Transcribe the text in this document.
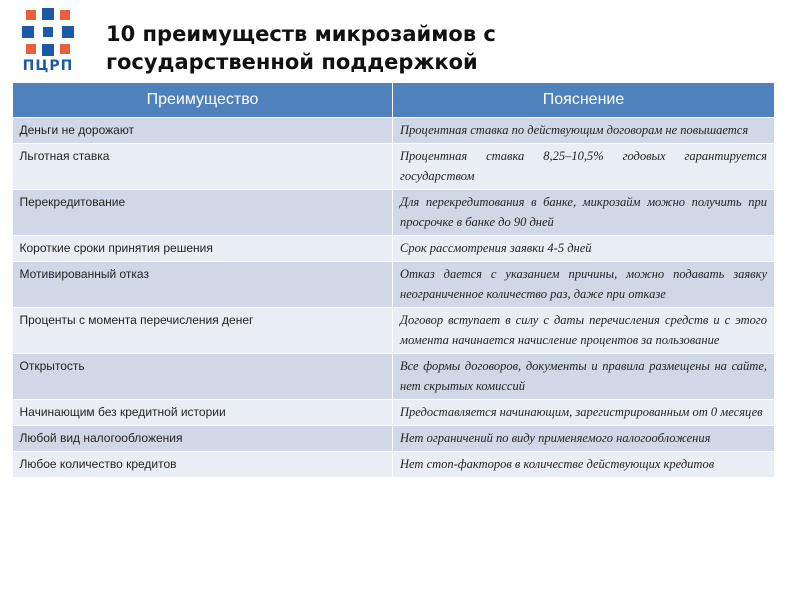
ПЦРП
10 преимуществ микрозаймов с государственной поддержкой
Преимущество	Пояснение
Деньги не дорожают	Процентная ставка по действующим договорам не повышается
Льготная ставка	Процентная ставка 8,25–10,5% годовых гарантируется государством
Перекредитование	Для перекредитования в банке, микрозайм можно получить при просрочке в банке до 90 дней
Короткие сроки принятия решения	Срок рассмотрения заявки 4-5 дней
Мотивированный отказ	Отказ дается с указанием причины, можно подавать заявку неограниченное количество раз, даже при отказе
Проценты с момента перечисления денег	Договор вступает в силу с даты перечисления средств и с этого момента начинается начисление процентов за пользование
Открытость	Все формы договоров, документы и правила размещены на сайте, нет скрытых комиссий
Начинающим без кредитной истории	Предоставляется начинающим, зарегистрированным от 0 месяцев
Любой вид налогообложения	Нет ограничений по виду применяемого налогообложения
Любое количество кредитов	Нет стоп-факторов в количестве действующих кредитов
